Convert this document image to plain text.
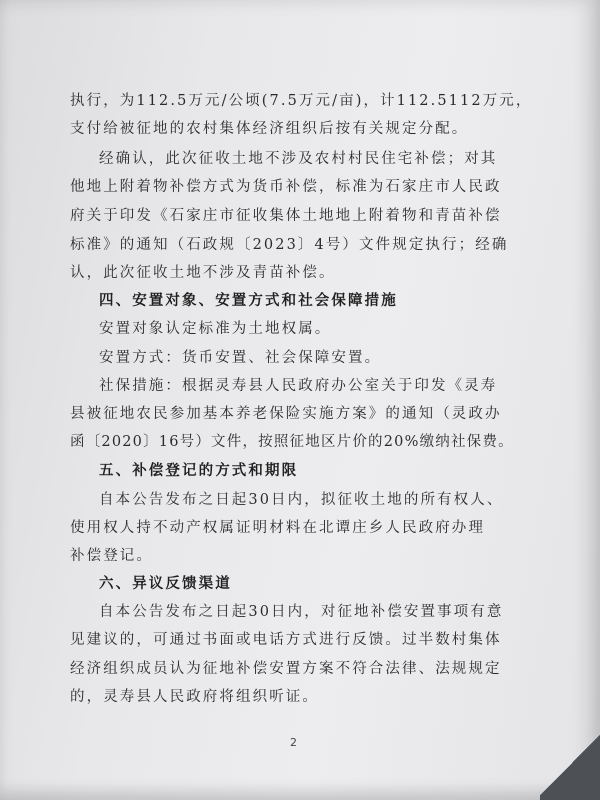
执行，为112.5万元/公顷(7.5万元/亩)，计112.5112万元，
支付给被征地的农村集体经济组织后按有关规定分配。
经确认，此次征收土地不涉及农村村民住宅补偿；对其
他地上附着物补偿方式为货币补偿，标准为石家庄市人民政
府关于印发《石家庄市征收集体土地地上附着物和青苗补偿
标准》的通知（石政规〔2023〕4号）文件规定执行；经确
认，此次征收土地不涉及青苗补偿。
四、安置对象、安置方式和社会保障措施
安置对象认定标准为土地权属。
安置方式：货币安置、社会保障安置。
社保措施：根据灵寿县人民政府办公室关于印发《灵寿
县被征地农民参加基本养老保险实施方案》的通知（灵政办
函〔2020〕16号）文件，按照征地区片价的20%缴纳社保费。
五、补偿登记的方式和期限
自本公告发布之日起30日内，拟征收土地的所有权人、
使用权人持不动产权属证明材料在北谭庄乡人民政府办理
补偿登记。
六、异议反馈渠道
自本公告发布之日起30日内，对征地补偿安置事项有意
见建议的，可通过书面或电话方式进行反馈。过半数村集体
经济组织成员认为征地补偿安置方案不符合法律、法规规定
的，灵寿县人民政府将组织听证。
2
